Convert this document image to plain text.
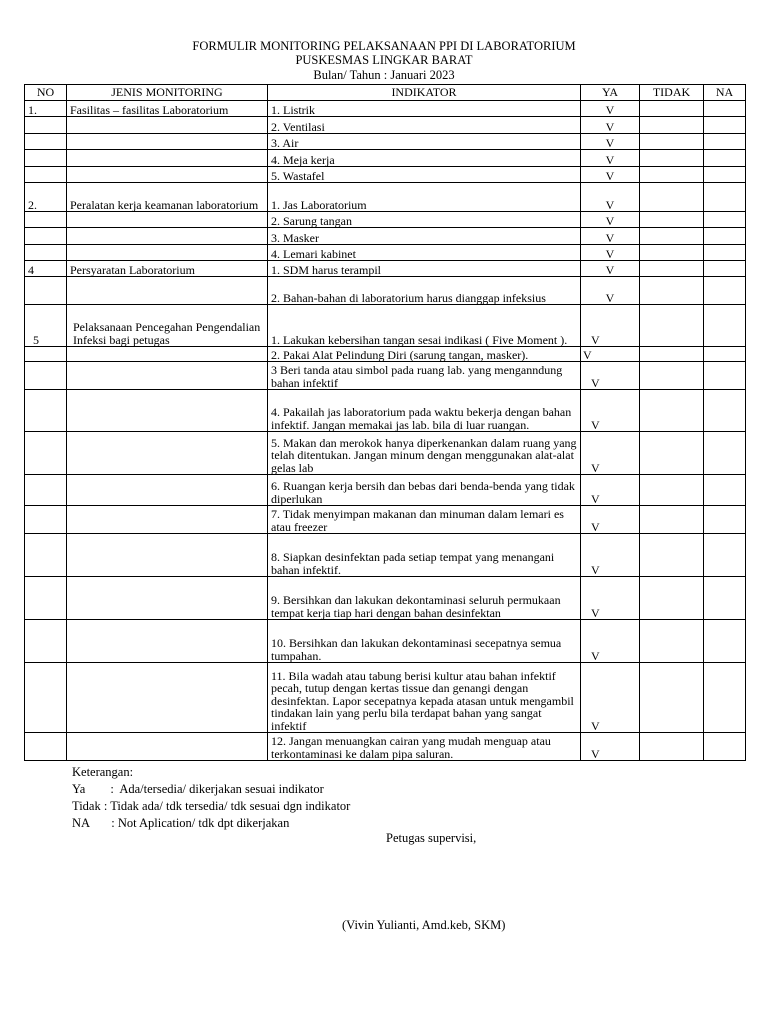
FORMULIR MONITORING PELAKSANAAN PPI DI LABORATORIUM
PUSKESMAS LINGKAR BARAT
Bulan/ Tahun : Januari 2023
NO	JENIS MONITORING	INDIKATOR	YA	TIDAK	NA
1.	Fasilitas – fasilitas Laboratorium	1. Listrik	V		
		2. Ventilasi	V		
		3. Air	V		
		4. Meja kerja	V		
		5. Wastafel	V		
2.	Peralatan kerja keamanan laboratorium	1. Jas Laboratorium	V		
		2. Sarung tangan	V		
		3. Masker	V		
		4. Lemari kabinet	V		
4	Persyaratan Laboratorium	1. SDM harus terampil	V		
		2. Bahan-bahan di laboratorium harus dianggap infeksius	V		
5	Pelaksanaan Pencegahan Pengendalian Infeksi bagi petugas	1. Lakukan kebersihan tangan sesai indikasi ( Five Moment ).	V		
		2. Pakai Alat Pelindung Diri (sarung tangan, masker).	V		
		3 Beri tanda atau simbol pada ruang lab. yang menganndung bahan infektif	V		
		4. Pakailah jas laboratorium pada waktu bekerja dengan bahan infektif. Jangan memakai jas lab. bila di luar ruangan.	V		
		5. Makan dan merokok hanya diperkenankan dalam ruang yang telah ditentukan. Jangan minum dengan menggunakan alat-alat gelas lab	V		
		6. Ruangan kerja bersih dan bebas dari benda-benda yang tidak diperlukan	V		
		7. Tidak menyimpan makanan dan minuman dalam lemari es atau freezer	V		
		8. Siapkan desinfektan pada setiap tempat yang menangani bahan infektif.	V		
		9. Bersihkan dan lakukan dekontaminasi seluruh permukaan tempat kerja tiap hari dengan bahan desinfektan	V		
		10. Bersihkan dan lakukan dekontaminasi secepatnya semua tumpahan.	V		
		11. Bila wadah atau tabung berisi kultur atau bahan infektif pecah, tutup dengan kertas tissue dan genangi dengan desinfektan. Lapor secepatnya kepada atasan untuk mengambil tindakan lain yang perlu bila terdapat bahan yang sangat infektif	V		
		12. Jangan menuangkan cairan yang mudah menguap atau terkontaminasi ke dalam pipa saluran.	V		
Keterangan:
Ya        :  Ada/tersedia/ dikerjakan sesuai indikator
Tidak : Tidak ada/ tdk tersedia/ tdk sesuai dgn indikator
NA       : Not Aplication/ tdk dpt dikerjakan
Petugas supervisi,
(Vivin Yulianti, Amd.keb, SKM)
